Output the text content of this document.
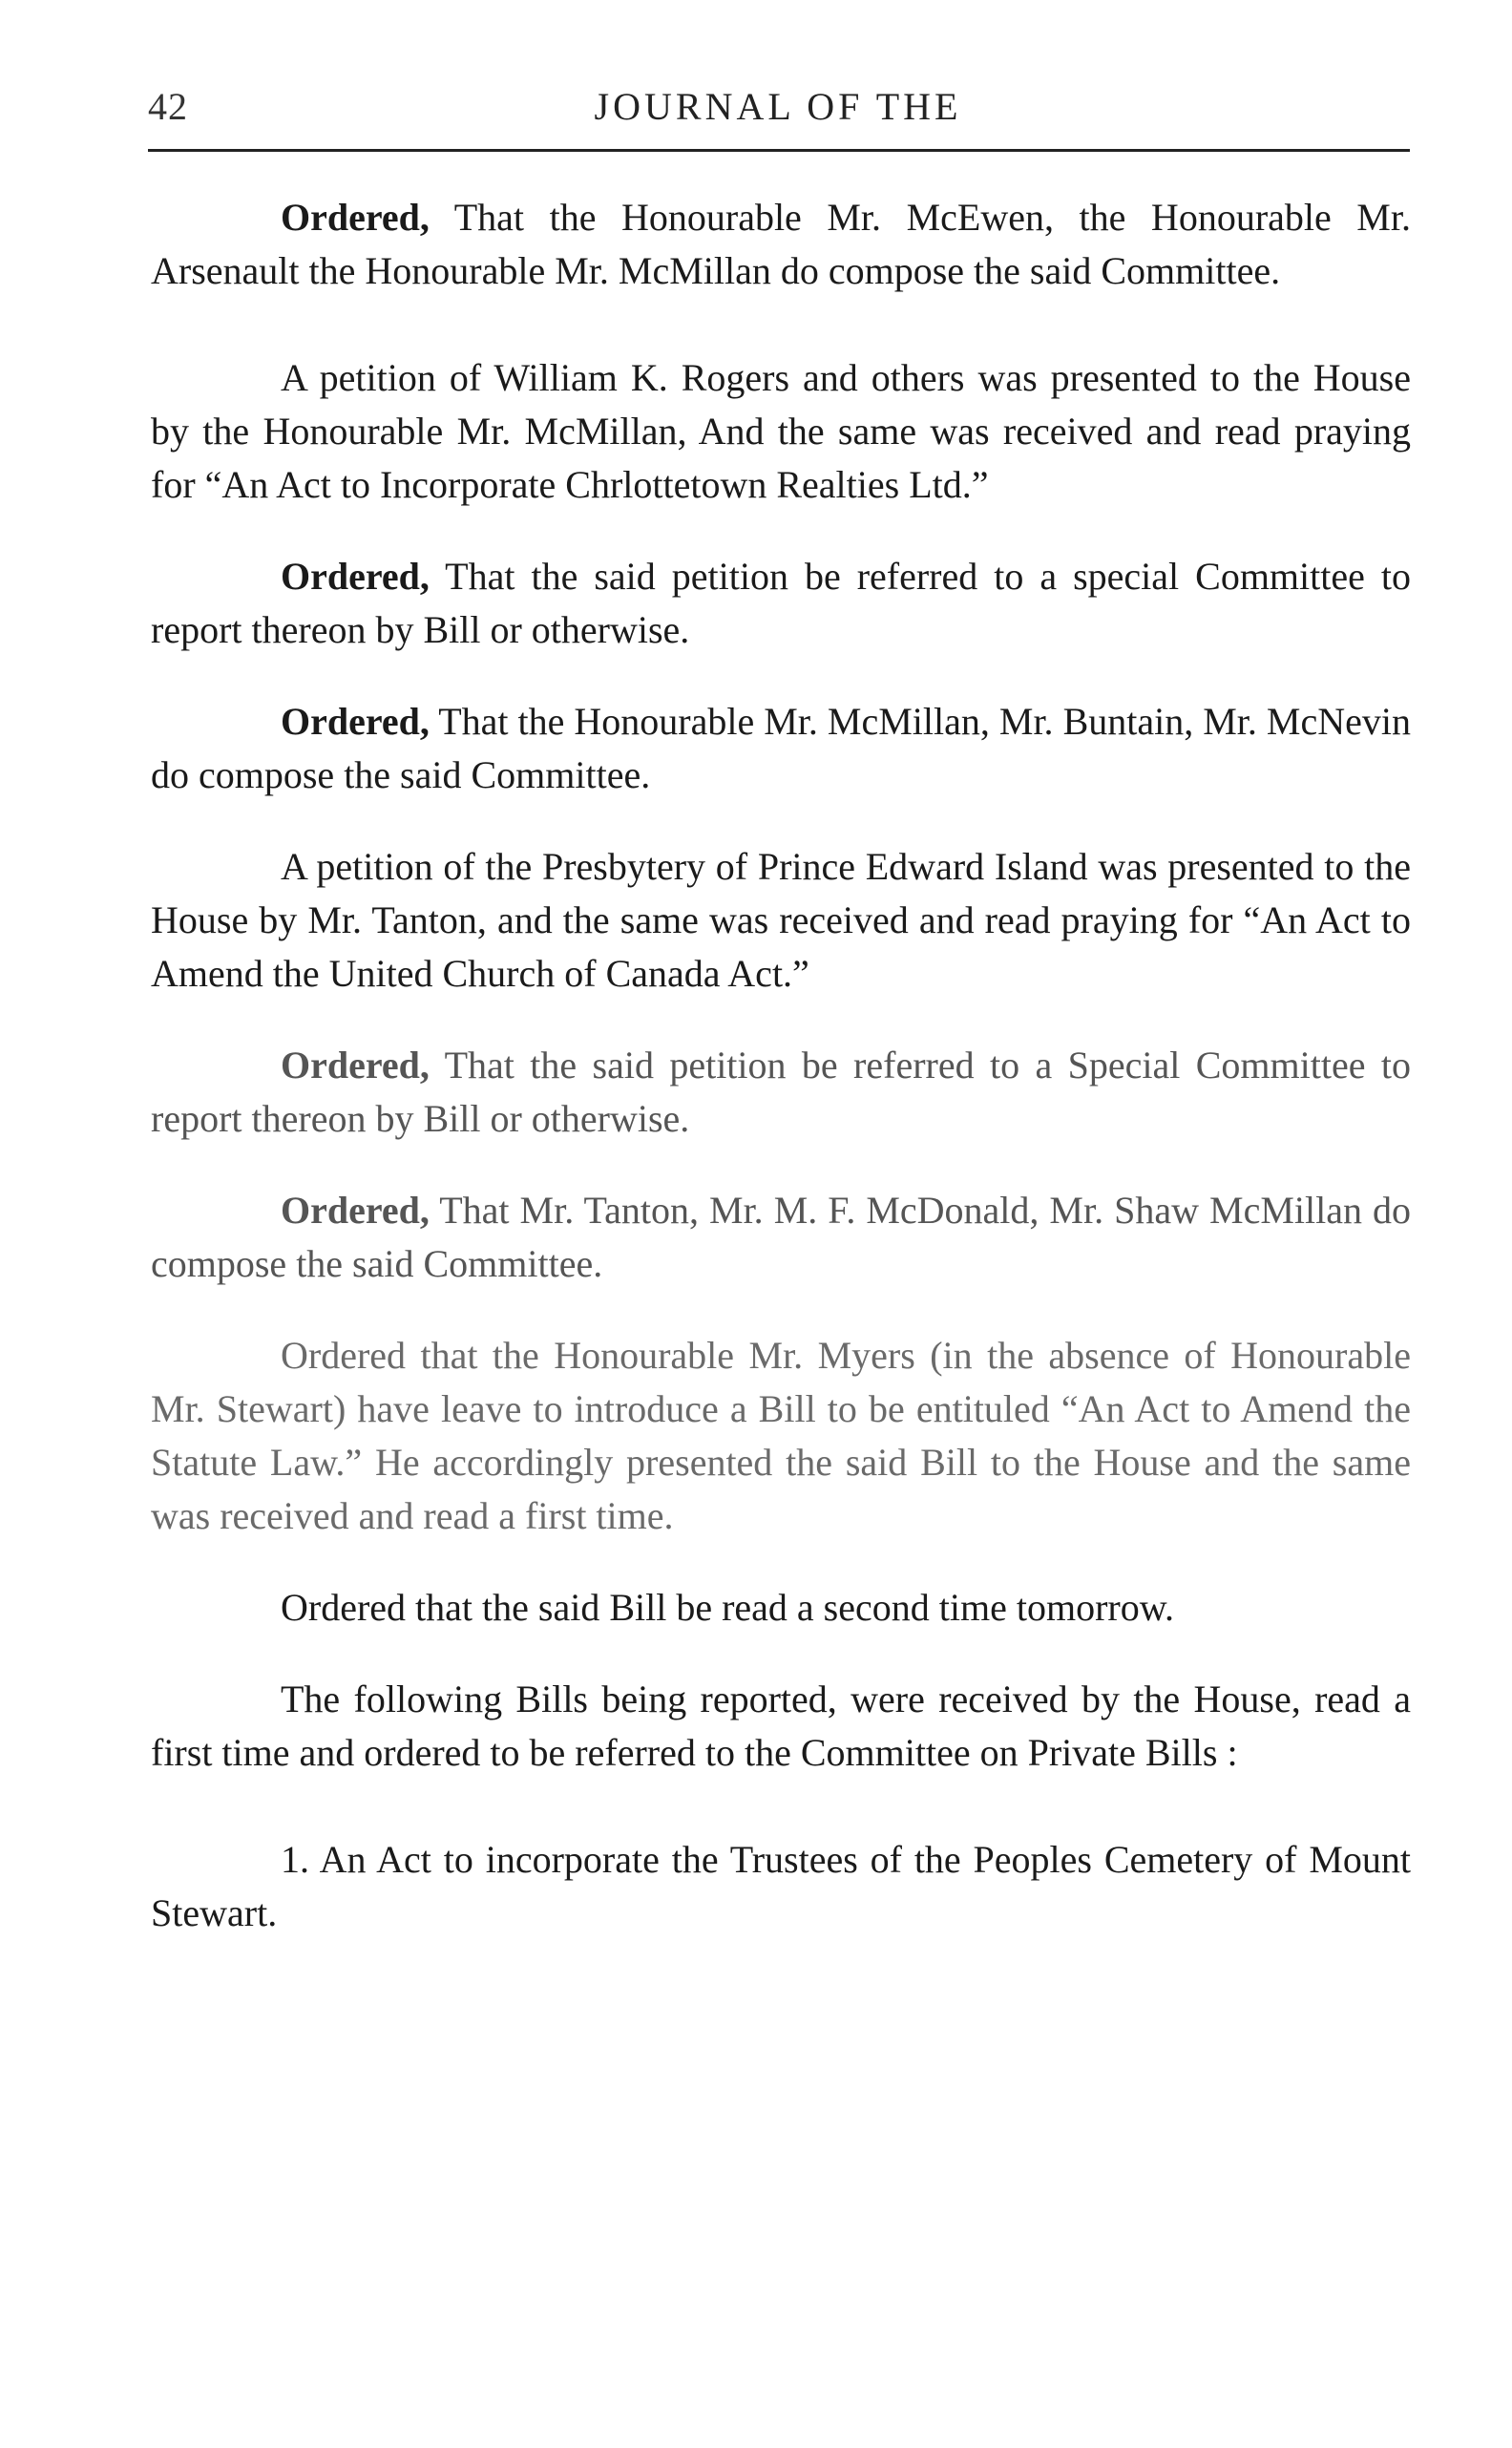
42	JOURNAL OF THE

Ordered, That the Honourable Mr. McEwen, the Honourable Mr. Arsenault the Honourable Mr. McMillan do compose the said Committee.

A petition of William K. Rogers and others was presented to the House by the Honourable Mr. McMillan, And the same was received and read praying for “An Act to Incorporate Chrlottetown Realties Ltd.”

Ordered, That the said petition be referred to a special Committee to report thereon by Bill or otherwise.

Ordered, That the Honourable Mr. McMillan, Mr. Buntain, Mr. McNevin do compose the said Committee.

A petition of the Presbytery of Prince Edward Island was presented to the House by Mr. Tanton, and the same was received and read praying for “An Act to Amend the United Church of Canada Act.”

Ordered, That the said petition be referred to a Special Committee to report thereon by Bill or otherwise.

Ordered, That Mr. Tanton, Mr. M. F. McDonald, Mr. Shaw McMillan do compose the said Committee.

Ordered that the Honourable Mr. Myers (in the absence of Honourable Mr. Stewart) have leave to introduce a Bill to be entituled “An Act to Amend the Statute Law.” He accordingly presented the said Bill to the House and the same was received and read a first time.

Ordered that the said Bill be read a second time tomorrow.

The following Bills being reported, were received by the House, read a first time and ordered to be referred to the Committee on Private Bills :

1. An Act to incorporate the Trustees of the Peoples Cemetery of Mount Stewart.
